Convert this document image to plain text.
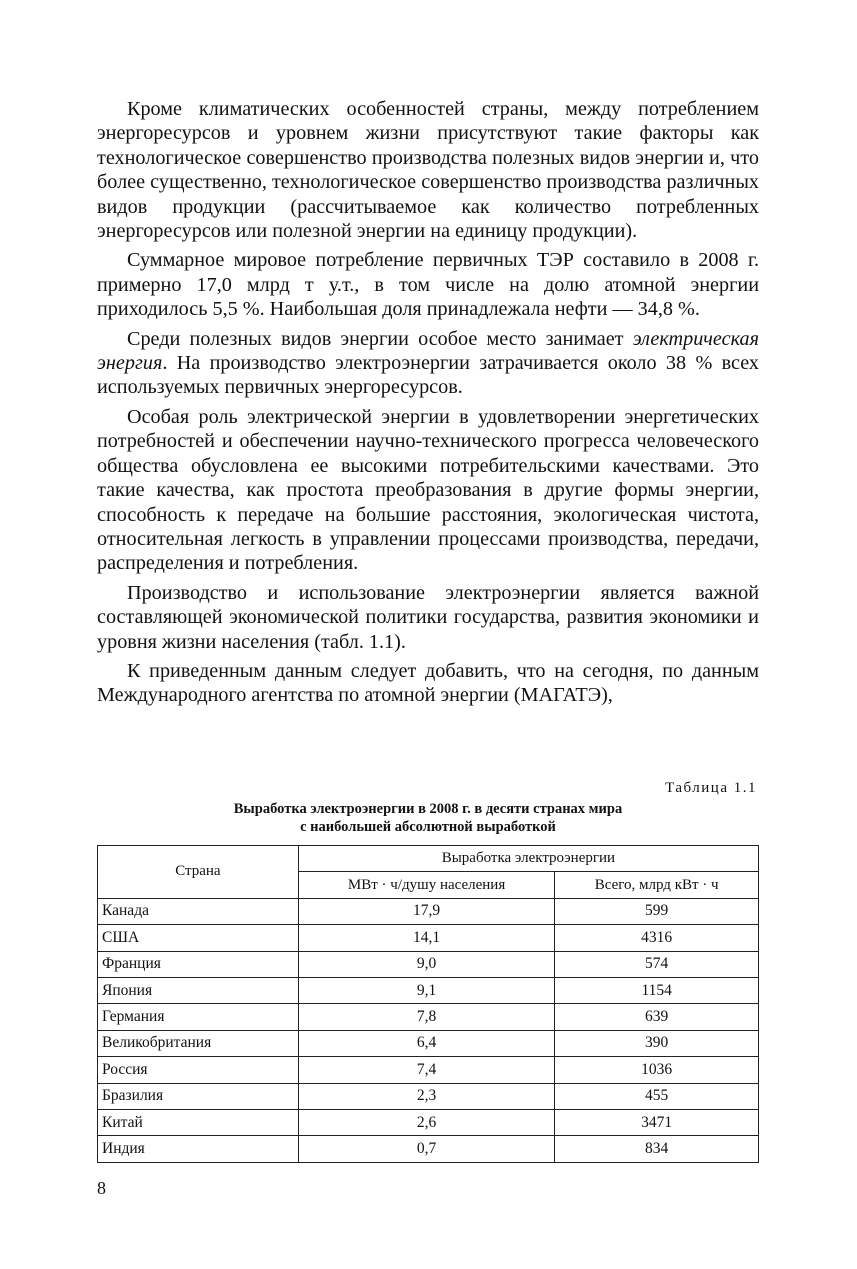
Кроме климатических особенностей страны, между потреблением энергоресурсов и уровнем жизни присутствуют такие факторы как технологическое совершенство производства полезных видов энергии и, что более существенно, технологическое совершенство производства различных видов продукции (рассчитываемое как количество потребленных энергоресурсов или полезной энергии на единицу продукции).

Суммарное мировое потребление первичных ТЭР составило в 2008 г. примерно 17,0 млрд т у.т., в том числе на долю атомной энергии приходилось 5,5 %. Наибольшая доля принадлежала нефти — 34,8 %.

Среди полезных видов энергии особое место занимает электрическая энергия. На производство электроэнергии затрачивается около 38 % всех используемых первичных энергоресурсов.

Особая роль электрической энергии в удовлетворении энергетических потребностей и обеспечении научно-технического прогресса человеческого общества обусловлена ее высокими потребительскими качествами. Это такие качества, как простота преобразования в другие формы энергии, способность к передаче на большие расстояния, экологическая чистота, относительная легкость в управлении процессами производства, передачи, распределения и потребления.

Производство и использование электроэнергии является важной составляющей экономической политики государства, развития экономики и уровня жизни населения (табл. 1.1).

К приведенным данным следует добавить, что на сегодня, по данным Международного агентства по атомной энергии (МАГАТЭ),

Таблица 1.1
Выработка электроэнергии в 2008 г. в десяти странах мира
с наибольшей абсолютной выработкой
Страна	Выработка электроэнергии	
	МВт · ч/душу населения	Всего, млрд кВт · ч
Канада	17,9	599
США	14,1	4316
Франция	9,0	574
Япония	9,1	1154
Германия	7,8	639
Великобритания	6,4	390
Россия	7,4	1036
Бразилия	2,3	455
Китай	2,6	3471
Индия	0,7	834
8
